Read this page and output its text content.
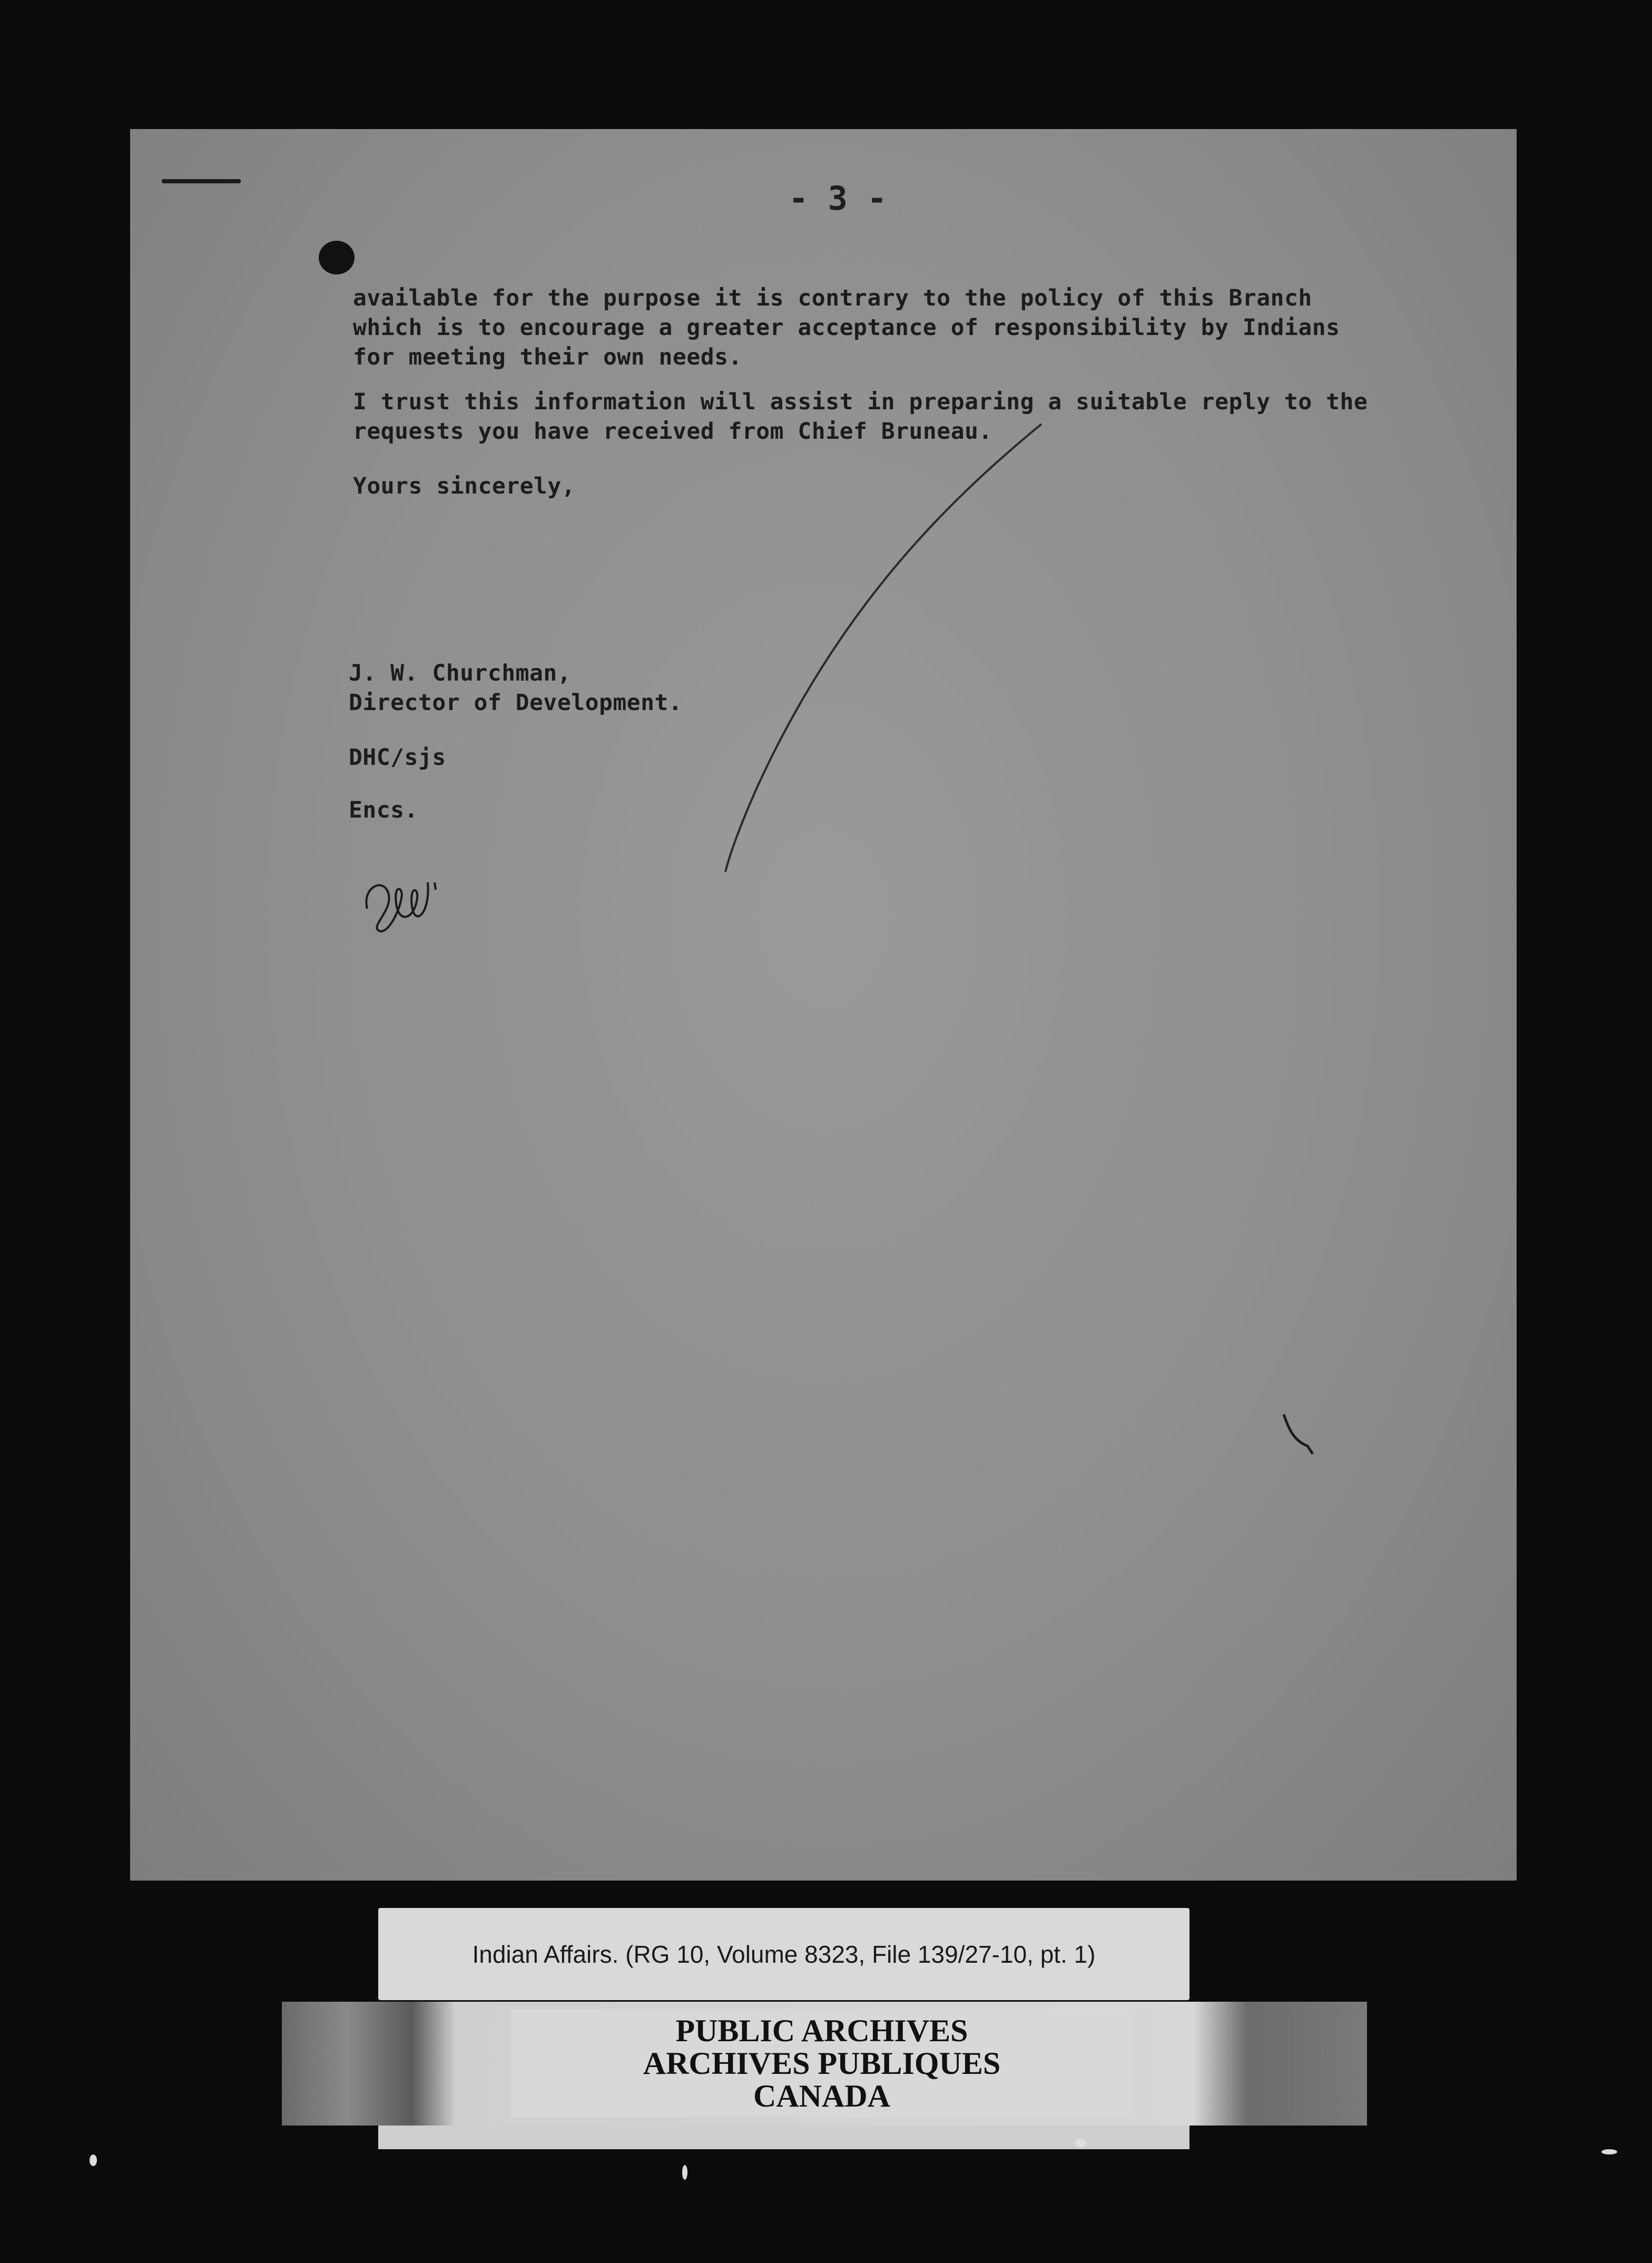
- 3 -
available for the purpose it is contrary to the policy of this Branch
which is to encourage a greater acceptance of responsibility by Indians
for meeting their own needs.
I trust this information will assist in preparing a suitable reply to the
requests you have received from Chief Bruneau.
Yours sincerely,
J. W. Churchman,
Director of Development.
DHC/sjs
Encs.
Indian Affairs. (RG 10, Volume 8323, File 139/27-10, pt. 1)
PUBLIC ARCHIVES
ARCHIVES PUBLIQUES
CANADA
